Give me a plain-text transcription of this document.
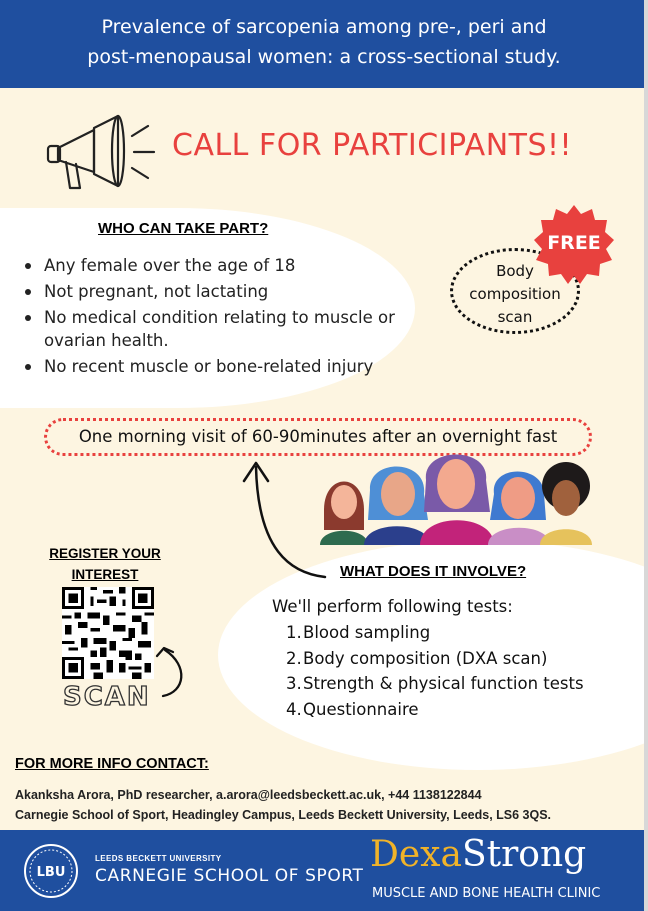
Prevalence of sarcopenia among pre-, peri and
post-menopausal women: a cross-sectional study.
CALL FOR PARTICIPANTS!!
WHO CAN TAKE PART?
Any female over the age of 18
Not pregnant, not lactating
No medical condition relating to muscle or ovarian health.
No recent muscle or bone-related injury
Body
composition
scan
FREE
One morning visit of 60-90minutes after an overnight fast
REGISTER YOUR
INTEREST
SCAN
WHAT DOES IT INVOLVE?
We'll perform following tests:
1. Blood sampling
2. Body composition (DXA scan)
3. Strength & physical function tests
4. Questionnaire
FOR MORE INFO CONTACT:
Akanksha Arora, PhD researcher, a.arora@leedsbeckett.ac.uk, +44 1138122844
Carnegie School of Sport, Headingley Campus, Leeds Beckett University, Leeds, LS6 3QS.
LBU
LEEDS BECKETT UNIVERSITY
CARNEGIE SCHOOL OF SPORT
DexaStrong
MUSCLE AND BONE HEALTH CLINIC
